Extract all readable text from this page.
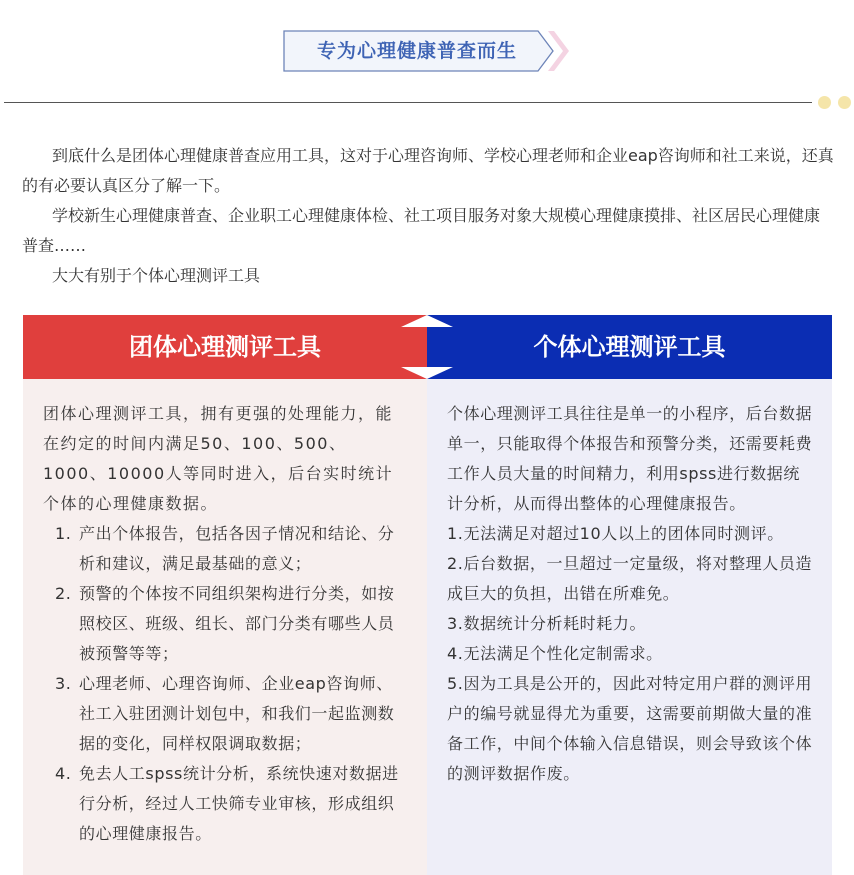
专为心理健康普查而生

到底什么是团体心理健康普查应用工具，这对于心理咨询师、学校心理老师和企业eap咨询师和社工来说，还真的有必要认真区分了解一下。

学校新生心理健康普查、企业职工心理健康体检、社工项目服务对象大规模心理健康摸排、社区居民心理健康普查……

大大有别于个体心理测评工具

团体心理测评工具	个体心理测评工具

团体心理测评工具，拥有更强的处理能力，能在约定的时间内满足50、100、500、1000、10000人等同时进入，后台实时统计个体的心理健康数据。

1. 产出个体报告，包括各因子情况和结论、分析和建议，满足最基础的意义；
2. 预警的个体按不同组织架构进行分类，如按照校区、班级、组长、部门分类有哪些人员被预警等等；
3. 心理老师、心理咨询师、企业eap咨询师、社工入驻团测计划包中，和我们一起监测数据的变化，同样权限调取数据；
4. 免去人工spss统计分析，系统快速对数据进行分析，经过人工快筛专业审核，形成组织的心理健康报告。

个体心理测评工具往往是单一的小程序，后台数据单一，只能取得个体报告和预警分类，还需要耗费工作人员大量的时间精力，利用spss进行数据统计分析，从而得出整体的心理健康报告。

1.无法满足对超过10人以上的团体同时测评。

2.后台数据，一旦超过一定量级，将对整理人员造成巨大的负担，出错在所难免。

3.数据统计分析耗时耗力。

4.无法满足个性化定制需求。

5.因为工具是公开的，因此对特定用户群的测评用户的编号就显得尤为重要，这需要前期做大量的准备工作，中间个体输入信息错误，则会导致该个体的测评数据作废。
